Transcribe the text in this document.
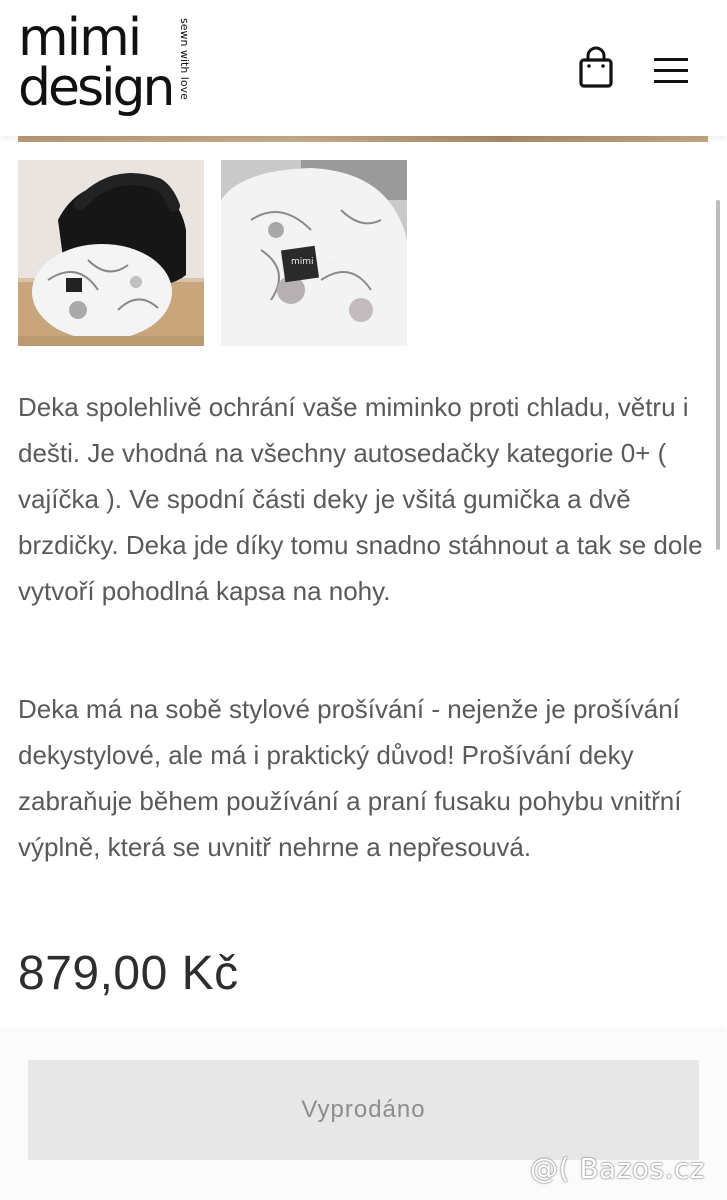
mimi
design sewn with love
mimi design

Deka spolehlivě ochrání vaše miminko proti chladu, větru i dešti. Je vhodná na všechny autosedačky kategorie 0+ ( vajíčka ). Ve spodní části deky je všitá gumička a dvě brzdičky. Deka jde díky tomu snadno stáhnout a tak se dole vytvoří pohodlná kapsa na nohy.

Deka má na sobě stylové prošívání - nejenže je prošívání dekystylové, ale má i praktický důvod! Prošívání deky zabraňuje během používání a praní fusaku pohybu vnitřní výplně, která se uvnitř nehrne a nepřesouvá.

879,00 Kč
Vyprodáno
@( Bazos.cz
